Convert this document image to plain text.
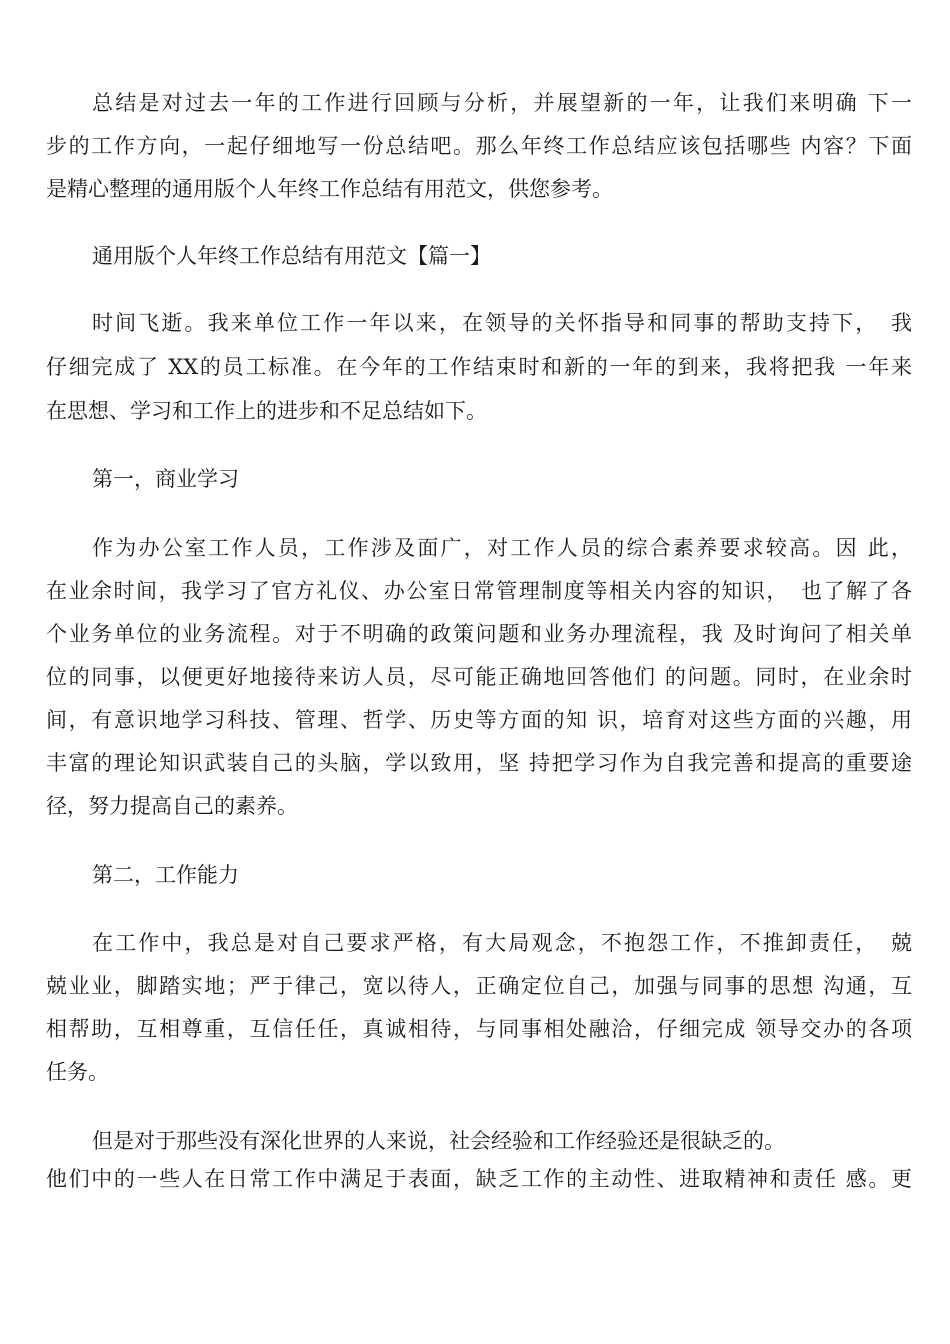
总结是对过去一年的工作进行回顾与分析，并展望新的一年，让我们来明确 下一

步的工作方向，一起仔细地写一份总结吧。那么年终工作总结应该包括哪些 内容？下面

是精心整理的通用版个人年终工作总结有用范文，供您参考。

通用版个人年终工作总结有用范文【篇一】

时间飞逝。我来单位工作一年以来，在领导的关怀指导和同事的帮助支持下，　我

仔细完成了 XX的员工标准。在今年的工作结束时和新的一年的到来，我将把我 一年来

在思想、学习和工作上的进步和不足总结如下。

第一，商业学习

作为办公室工作人员，工作涉及面广，对工作人员的综合素养要求较高。因 此，

在业余时间，我学习了官方礼仪、办公室日常管理制度等相关内容的知识，　也了解了各

个业务单位的业务流程。对于不明确的政策问题和业务办理流程，我 及时询问了相关单

位的同事，以便更好地接待来访人员，尽可能正确地回答他们 的问题。同时，在业余时

间，有意识地学习科技、管理、哲学、历史等方面的知 识，培育对这些方面的兴趣，用

丰富的理论知识武装自己的头脑，学以致用，坚 持把学习作为自我完善和提高的重要途

径，努力提高自己的素养。

第二，工作能力

在工作中，我总是对自己要求严格，有大局观念，不抱怨工作，不推卸责任，　兢

兢业业，脚踏实地；严于律己，宽以待人，正确定位自己，加强与同事的思想 沟通，互

相帮助，互相尊重，互信任任，真诚相待，与同事相处融洽，仔细完成 领导交办的各项

任务。

但是对于那些没有深化世界的人来说，社会经验和工作经验还是很缺乏的。

他们中的一些人在日常工作中满足于表面，缺乏工作的主动性、进取精神和责任 感。更
